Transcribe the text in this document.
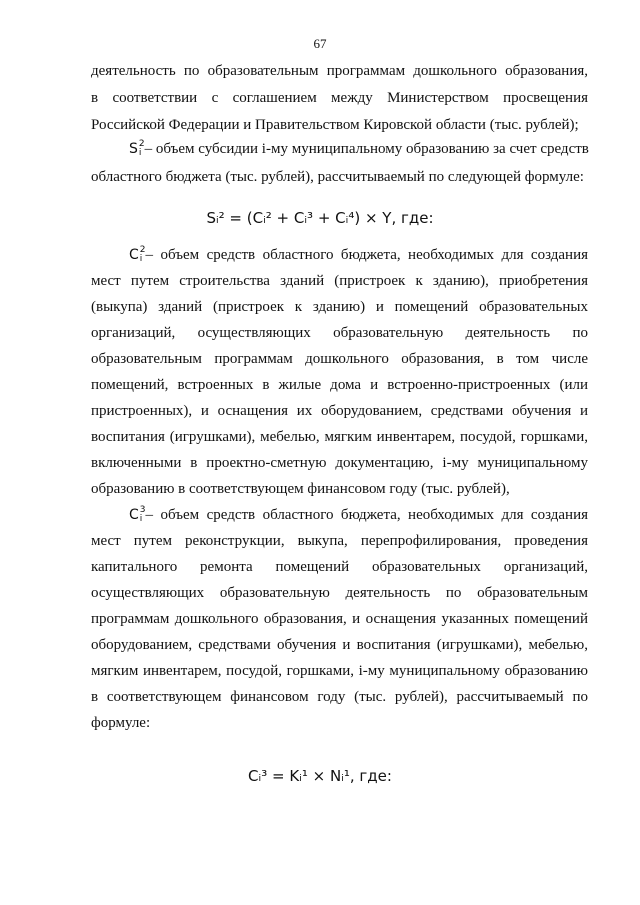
67
деятельность по образовательным программам дошкольного образования,
в соответствии с соглашением между Министерством просвещения
Российской Федерации и Правительством Кировской области (тыс. рублей);
S 2
i – объем субсидии i-му муниципальному образованию за счет средств
областного бюджета (тыс. рублей), рассчитываемый по следующей формуле:
Sᵢ² = (Cᵢ² + Cᵢ³ + Cᵢ⁴) × Y, где:
C 2
i – объем средств областного бюджета, необходимых для создания
мест путем строительства зданий (пристроек к зданию), приобретения
(выкупа) зданий (пристроек к зданию) и помещений образовательных
организаций, осуществляющих образовательную деятельность по
образовательным программам дошкольного образования, в том числе
помещений, встроенных в жилые дома и встроенно-пристроенных (или
пристроенных), и оснащения их оборудованием, средствами обучения и
воспитания (игрушками), мебелью, мягким инвентарем, посудой, горшками,
включенными в проектно-сметную документацию, i-му муниципальному
образованию в соответствующем финансовом году (тыс. рублей),
C 3
i – объем средств областного бюджета, необходимых для создания
мест путем реконструкции, выкупа, перепрофилирования, проведения
капитального ремонта помещений образовательных организаций,
осуществляющих образовательную деятельность по образовательным
программам дошкольного образования, и оснащения указанных помещений
оборудованием, средствами обучения и воспитания (игрушками), мебелью,
мягким инвентарем, посудой, горшками, i-му муниципальному образованию
в соответствующем финансовом году (тыс. рублей), рассчитываемый по
формуле:
Cᵢ³ = Kᵢ¹ × Nᵢ¹, где:
